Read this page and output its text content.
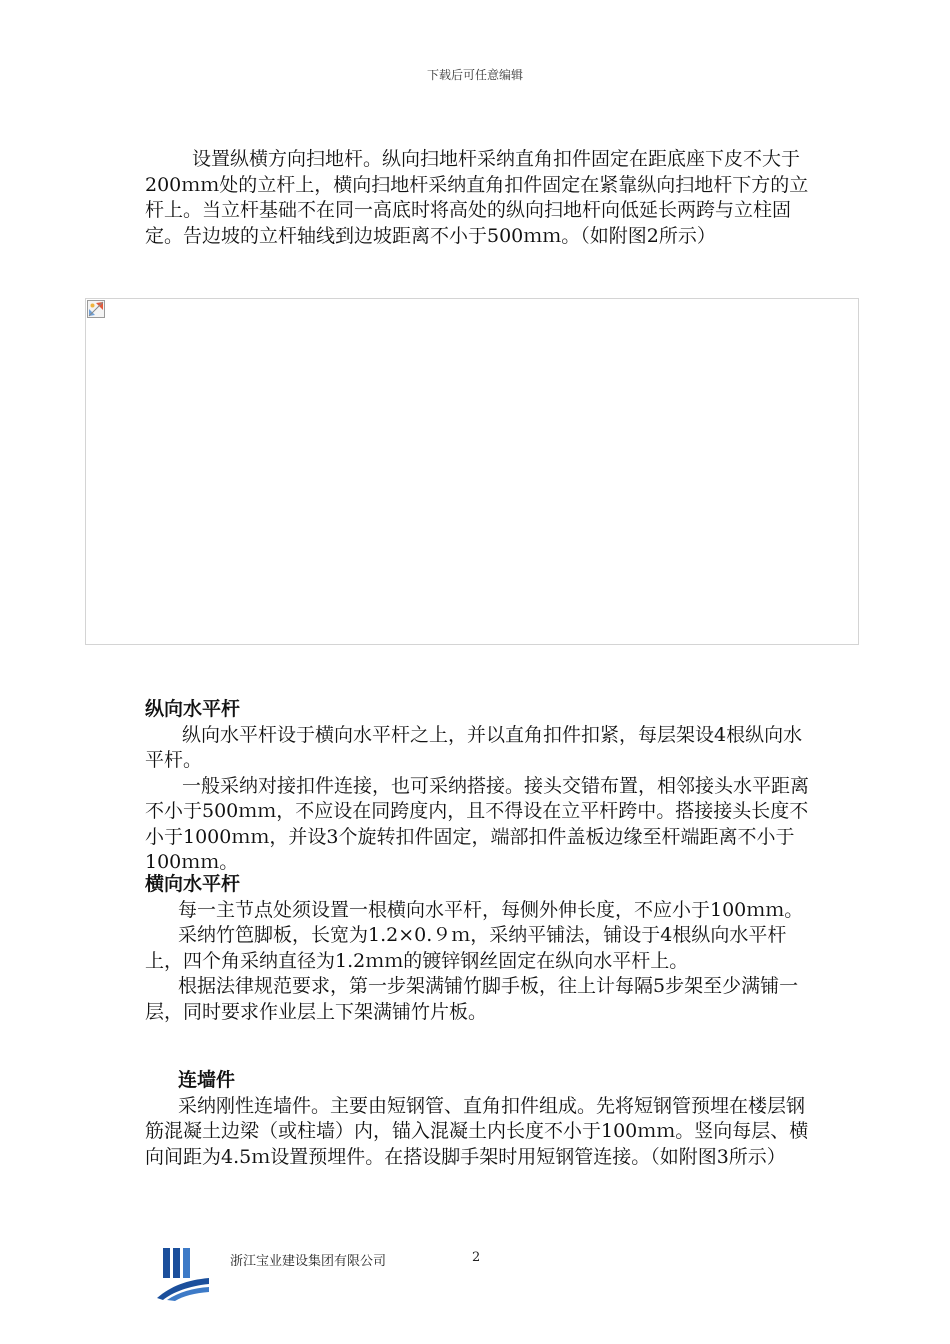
下载后可任意编辑
设置纵横方向扫地杆。纵向扫地杆采纳直角扣件固定在距底座下皮不大于200ｍｍ处的立杆上，横向扫地杆采纳直角扣件固定在紧靠纵向扫地杆下方的立杆上。当立杆基础不在同一高底时将高处的纵向扫地杆向低延长两跨与立柱固定。告边坡的立杆轴线到边坡距离不小于500ｍｍ。（如附图2所示）
纵向水平杆
纵向水平杆设于横向水平杆之上，并以直角扣件扣紧，每层架设4根纵向水平杆。
一般采纳对接扣件连接，也可采纳搭接。接头交错布置，相邻接头水平距离不小于500ｍｍ，不应设在同跨度内，且不得设在立平杆跨中。搭接接头长度不小于1000ｍｍ，并设3个旋转扣件固定，端部扣件盖板边缘至杆端距离不小于100ｍｍ。
横向水平杆
每一主节点处须设置一根横向水平杆，每侧外伸长度，不应小于100ｍｍ。
采纳竹笆脚板，长宽为1.2×0.９ｍ，采纳平铺法，铺设于4根纵向水平杆上，四个角采纳直径为1.2ｍｍ的镀锌钢丝固定在纵向水平杆上。
根据法律规范要求，第一步架满铺竹脚手板，往上计每隔5步架至少满铺一层，同时要求作业层上下架满铺竹片板。
连墙件
采纳刚性连墙件。主要由短钢管、直角扣件组成。先将短钢管预埋在楼层钢筋混凝土边梁（或柱墙）内，锚入混凝土内长度不小于100ｍｍ。竖向每层、横向间距为4.5ｍ设置预埋件。在搭设脚手架时用短钢管连接。（如附图3所示）
浙江宝业建设集团有限公司	2
